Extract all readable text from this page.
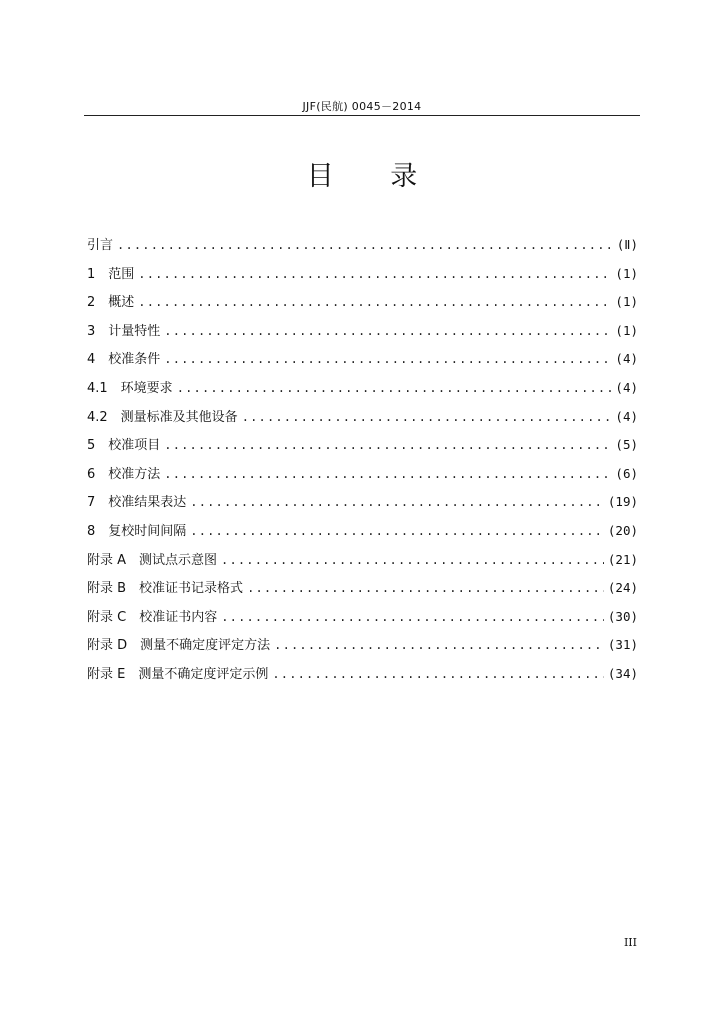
JJF(民航) 0045－2014
目 录
引言 .....	(Ⅱ)
1　范围 .....	(1)
2　概述 .....	(1)
3　计量特性 .....	(1)
4　校准条件 .....	(4)
4.1　环境要求 .....	(4)
4.2　测量标准及其他设备 .....	(4)
5　校准项目 .....	(5)
6　校准方法 .....	(6)
7　校准结果表达 .....	(19)
8　复校时间间隔 .....	(20)
附录 A　测试点示意图 .....	(21)
附录 B　校准证书记录格式 .....	(24)
附录 C　校准证书内容 .....	(30)
附录 D　测量不确定度评定方法 .....	(31)
附录 E　测量不确定度评定示例 .....	(34)
III
